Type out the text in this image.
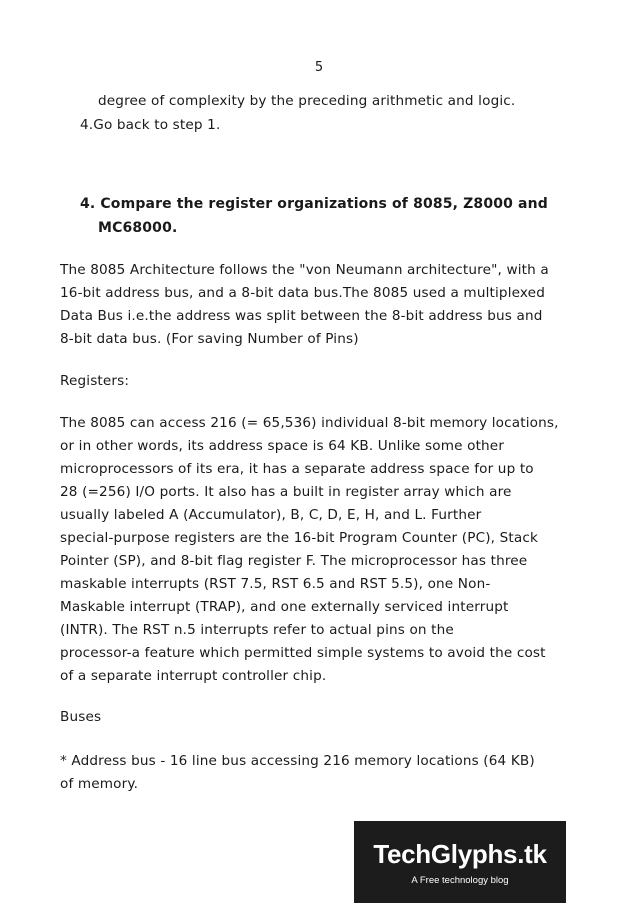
5
degree of complexity by the preceding arithmetic and logic.
4.Go back to step 1.
4. Compare the register organizations of 8085, Z8000 and
MC68000.
The 8085 Architecture follows the "von Neumann architecture", with a
16-bit address bus, and a 8-bit data bus.The 8085 used a multiplexed
Data Bus i.e.the address was split between the 8-bit address bus and
8-bit data bus. (For saving Number of Pins)
Registers:
The 8085 can access 216 (= 65,536) individual 8-bit memory locations,
or in other words, its address space is 64 KB. Unlike some other
microprocessors of its era, it has a separate address space for up to
28 (=256) I/O ports. It also has a built in register array which are
usually labeled A (Accumulator), B, C, D, E, H, and L. Further
special-purpose registers are the 16-bit Program Counter (PC), Stack
Pointer (SP), and 8-bit flag register F. The microprocessor has three
maskable interrupts (RST 7.5, RST 6.5 and RST 5.5), one Non-
Maskable interrupt (TRAP), and one externally serviced interrupt
(INTR). The RST n.5 interrupts refer to actual pins on the
processor-a feature which permitted simple systems to avoid the cost
of a separate interrupt controller chip.
Buses
* Address bus - 16 line bus accessing 216 memory locations (64 KB)
of memory.
TechGlyphs.tk
A Free technology blog
